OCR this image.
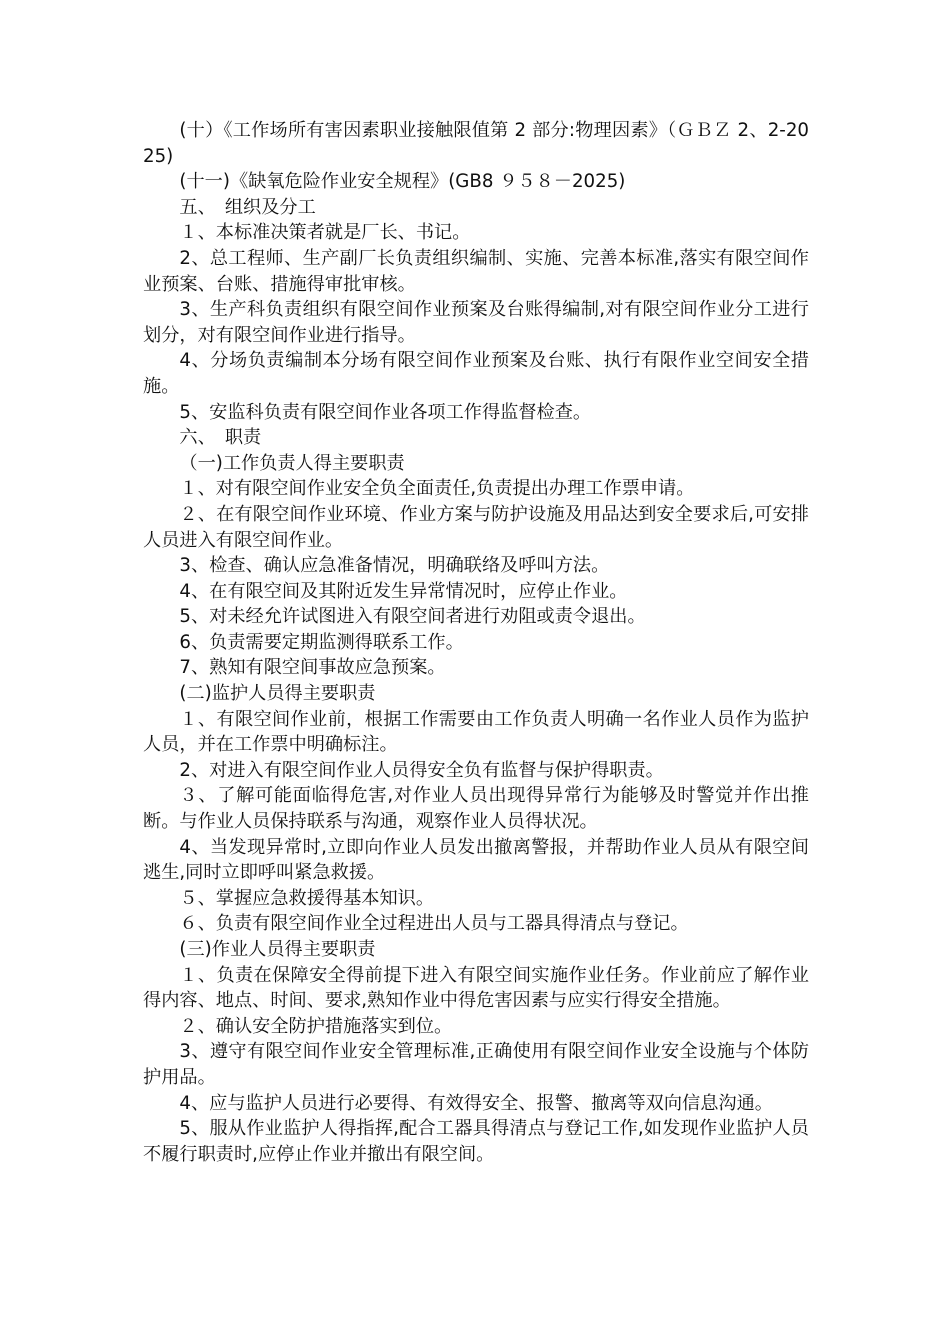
(十）《工作场所有害因素职业接触限值第 2 部分:物理因素》（ＧＢＺ 2、2-2025)

(十一)《缺氧危险作业安全规程》(GB8 ９５８－2025)

五、　组织及分工

１、本标准决策者就是厂长、书记。

2、总工程师、生产副厂长负责组织编制、实施、完善本标准,落实有限空间作业预案、台账、措施得审批审核。

3、生产科负责组织有限空间作业预案及台账得编制,对有限空间作业分工进行划分，对有限空间作业进行指导。

4、分场负责编制本分场有限空间作业预案及台账、执行有限作业空间安全措施。

5、安监科负责有限空间作业各项工作得监督检查。

六、　职责

（一)工作负责人得主要职责

１、对有限空间作业安全负全面责任,负责提出办理工作票申请。

２、在有限空间作业环境、作业方案与防护设施及用品达到安全要求后,可安排人员进入有限空间作业。

3、检查、确认应急准备情况，明确联络及呼叫方法。

4、在有限空间及其附近发生异常情况时，应停止作业。

5、对未经允许试图进入有限空间者进行劝阻或责令退出。

6、负责需要定期监测得联系工作。

7、熟知有限空间事故应急预案。

(二)监护人员得主要职责

１、有限空间作业前，根据工作需要由工作负责人明确一名作业人员作为监护人员，并在工作票中明确标注。

2、对进入有限空间作业人员得安全负有监督与保护得职责。

３、了解可能面临得危害,对作业人员出现得异常行为能够及时警觉并作出推断。与作业人员保持联系与沟通，观察作业人员得状况。

4、当发现异常时,立即向作业人员发出撤离警报，并帮助作业人员从有限空间逃生,同时立即呼叫紧急救援。

５、掌握应急救援得基本知识。

６、负责有限空间作业全过程进出人员与工器具得清点与登记。

(三)作业人员得主要职责

１、负责在保障安全得前提下进入有限空间实施作业任务。作业前应了解作业得内容、地点、时间、要求,熟知作业中得危害因素与应实行得安全措施。

２、确认安全防护措施落实到位。

3、遵守有限空间作业安全管理标准,正确使用有限空间作业安全设施与个体防护用品。

4、应与监护人员进行必要得、有效得安全、报警、撤离等双向信息沟通。

5、服从作业监护人得指挥,配合工器具得清点与登记工作,如发现作业监护人员不履行职责时,应停止作业并撤出有限空间。
